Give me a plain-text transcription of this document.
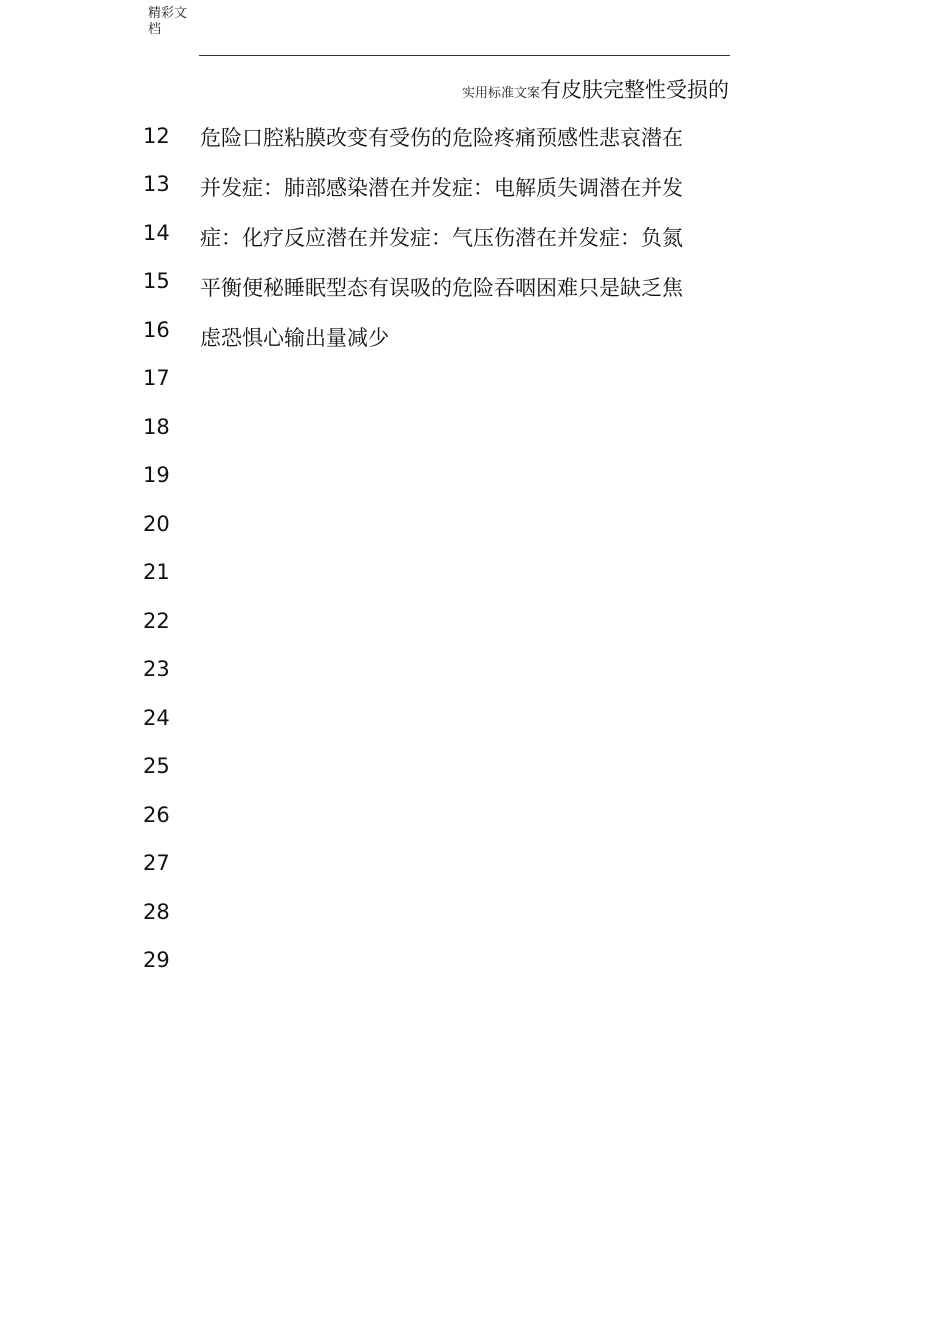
精彩文档
实用标准文案有皮肤完整性受损的
危险口腔粘膜改变有受伤的危险疼痛预感性悲哀潜在
并发症：肺部感染潜在并发症：电解质失调潜在并发
症：化疗反应潜在并发症：气压伤潜在并发症：负氮
平衡便秘睡眠型态有误吸的危险吞咽困难只是缺乏焦
虑恐惧心输出量减少
12
13
14
15
16
17
18
19
20
21
22
23
24
25
26
27
28
29
